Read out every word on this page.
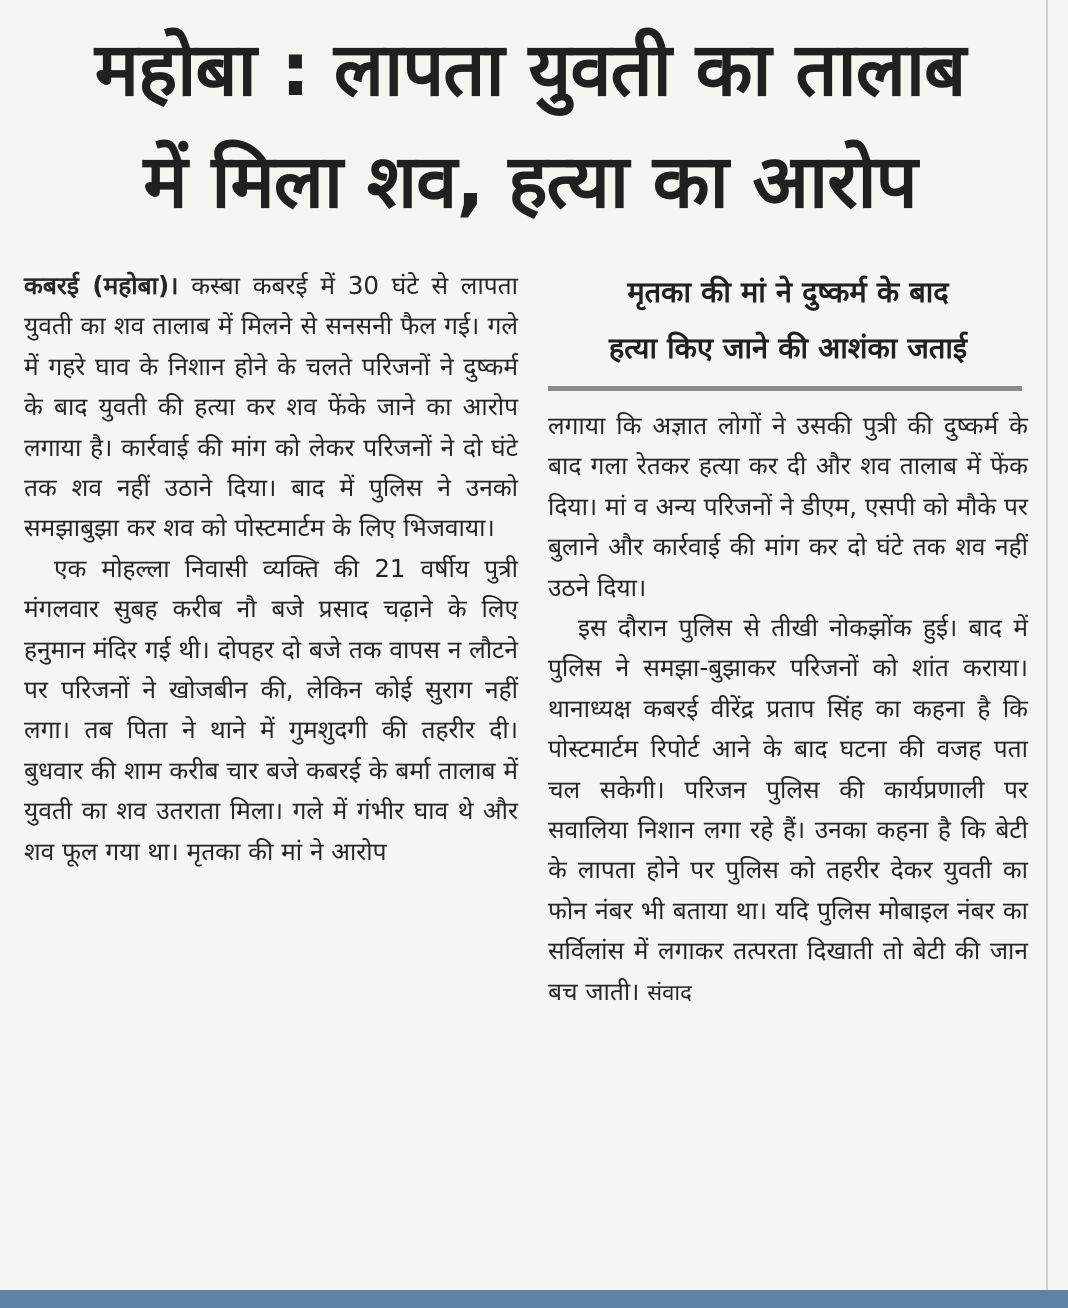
महोबा : लापता युवती का तालाब
में मिला शव, हत्या का आरोप

कबरई (महोबा)। कस्बा कबरई में 30 घंटे से लापता युवती का शव तालाब में मिलने से सनसनी फैल गई। गले में गहरे घाव के निशान होने के चलते परिजनों ने दुष्कर्म के बाद युवती की हत्या कर शव फेंके जाने का आरोप लगाया है। कार्रवाई की मांग को लेकर परिजनों ने दो घंटे तक शव नहीं उठाने दिया। बाद में पुलिस ने उनको समझाबुझा कर शव को पोस्टमार्टम के लिए भिजवाया।

एक मोहल्ला निवासी व्यक्ति की 21 वर्षीय पुत्री मंगलवार सुबह करीब नौ बजे प्रसाद चढ़ाने के लिए हनुमान मंदिर गई थी। दोपहर दो बजे तक वापस न लौटने पर परिजनों ने खोजबीन की, लेकिन कोई सुराग नहीं लगा। तब पिता ने थाने में गुमशुदगी की तहरीर दी। बुधवार की शाम करीब चार बजे कबरई के बर्मा तालाब में युवती का शव उतराता मिला। गले में गंभीर घाव थे और शव फूल गया था। मृतका की मां ने आरोप

मृतका की मां ने दुष्कर्म के बाद
हत्या किए जाने की आशंका जताई

लगाया कि अज्ञात लोगों ने उसकी पुत्री की दुष्कर्म के बाद गला रेतकर हत्या कर दी और शव तालाब में फेंक दिया। मां व अन्य परिजनों ने डीएम, एसपी को मौके पर बुलाने और कार्रवाई की मांग कर दो घंटे तक शव नहीं उठने दिया।

इस दौरान पुलिस से तीखी नोकझोंक हुई। बाद में पुलिस ने समझा-बुझाकर परिजनों को शांत कराया। थानाध्यक्ष कबरई वीरेंद्र प्रताप सिंह का कहना है कि पोस्टमार्टम रिपोर्ट आने के बाद घटना की वजह पता चल सकेगी। परिजन पुलिस की कार्यप्रणाली पर सवालिया निशान लगा रहे हैं। उनका कहना है कि बेटी के लापता होने पर पुलिस को तहरीर देकर युवती का फोन नंबर भी बताया था। यदि पुलिस मोबाइल नंबर का सर्विलांस में लगाकर तत्परता दिखाती तो बेटी की जान बच जाती। संवाद
